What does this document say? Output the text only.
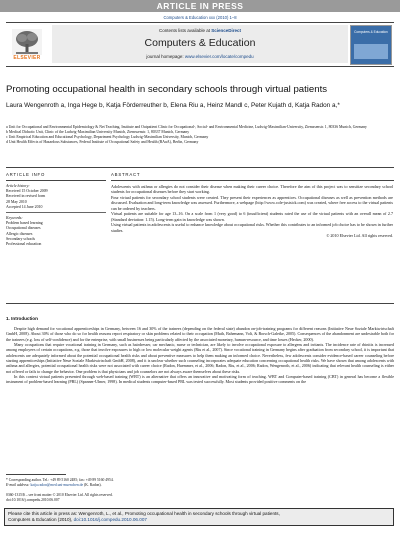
ARTICLE IN PRESS
Computers & Education xxx (2010) 1–8
ELSEVIER
Contents lists available at ScienceDirect
Computers & Education
journal homepage: www.elsevier.com/locate/compedu
Computers & Education
Promoting occupational health in secondary schools through virtual patients
Laura Wengenroth a, Inga Hege b, Katja Förderreuther b, Elena Riu a, Heinz Mandl c, Peter Kujath d, Katja Radon a,*
a Unit for Occupational and Environmental Epidemiology & Net Teaching, Institute and Outpatient Clinic for Occupational-, Social- and Environmental Medicine, Ludwig-Maximilian-University, Ziemssenstr. 1, 80336 Munich, Germany
b Medical Didactic Unit, Clinic of the Ludwig-Maximilian University Munich, Ziemssenstr. 1, 80337 Munich, Germany
c Unit Empirical Education and Educational Psychology, Department Psychology Ludwig-Maximilian University, Munich, Germany
d Unit Health Effects of Hazardous Substances, Federal Institute of Occupational Safety and Health (BAuA), Berlin, Germany
ARTICLE INFO	ABSTRACT
Article history:
Received 15 October 2009
Received in revised form
28 May 2010
Accepted 14 June 2010
Keywords:
Problem based learning
Occupational diseases
Allergic diseases
Secondary schools
Professional education

Adolescents with asthma or allergies do not consider their disease when making their career choice. Therefore the aim of this project was to sensitize secondary school students for occupational diseases before they start working.

Four virtual patients for secondary school students were created. They present their experiences as apprentices. Occupational diseases as well as prevention methods are discussed. Evaluation and long-term knowledge was assessed. Furthermore, a webpage (http://www.cole-justsick.com) was created, where free access to the virtual patients can be ordered by teachers.

Virtual patients are suitable for age 13–16. On a scale from 1 (very good) to 6 (insufficient) students rated the use of the virtual patients with an overall mean of 2.7 (Standard deviation: 1.15). Long-term gain in knowledge was shown.

Using virtual patients in adolescents is useful to enhance knowledge about occupational risks. Whether this contributes to an informed job choice has to be shown in further studies.

© 2010 Elsevier Ltd. All rights reserved.

1. Introduction

Despite high demand for vocational apprenticeships in Germany, between 16 and 30% of the trainees (depending on the federal state) abandon on-job-training programs for different reasons (Initiative Neue Soziale Marktwirtschaft GmbH, 2008). About 30% of those who do so for health reasons report respiratory or skin problems related to their occupation (Muth, Bahemann, Volt, & Borsch-Galetke, 2005). Consequences of the abandonment are undesirable both for the trainees (e.g. loss of self-confidence) and for the enterprise, with small businesses being particularly affected by the associated monetary, human-resource, and time losses (Hecker, 2000).

Many occupations that require vocational training in Germany, such as hairdresser, car mechanic, nurse or technician, are likely to involve occupational exposure to allergens and irritants. The incidence rate of rhinitis is increased among employees of certain occupations, e.g. those that involve exposures to high or low molecular weight agents (Riu et al., 2007). Since vocational training in Germany begins after graduation from secondary school, it is important that adolescents are adequately informed about the potential occupational health risks and about preventive measures to help them making an informed choice. Nevertheless, few adolescents consider evidence-based career counseling before starting apprenticeships (Initiative Neue Soziale Marktwirtschaft GmbH, 2008), and it is unclear whether such counseling incorporates adequate education concerning occupational health risks. We have shown that among adolescents with asthma and allergies, potential occupational health risks were not associated with career choice (Radon, Huemmer, et al., 2006; Radon, Riu, et al., 2006; Radon, Wengenroth, et al., 2006) indicating that relevant health counseling is either not offered or fails to change the behavior. One problem is that physicians and job counselors are not always aware themselves about these risks.

In this context virtual patients presented through web-based training (WBT) is an alternative that offers an innovative and motivating form of teaching. WBT and Computer-based training (CBT) in general has become a flexible instrument of problem-based learning (PBL) (Spanner-Ulmer, 1998). In medical students computer-based PBL was tested successfully. Most students provided positive comments on the

* Corresponding author. Tel.: +49 89 5160 2485; fax: +49 89 5160 4954.
E-mail address: katja.radon@med.uni-muenchen.de (K. Radon).
0360-1315/$ – see front matter © 2010 Elsevier Ltd. All rights reserved.
doi:10.1016/j.compedu.2010.06.007
Please cite this article in press as: Wengenroth, L., et al., Promoting occupational health in secondary schools through virtual patients,
Computers & Education (2010), doi:10.1016/j.compedu.2010.06.007
